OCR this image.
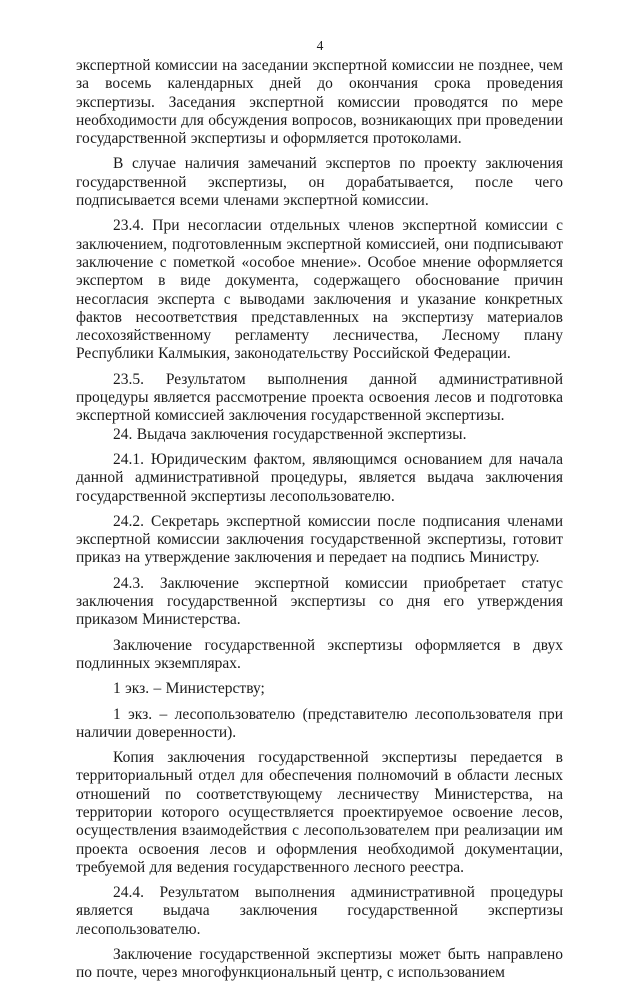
4

экспертной комиссии на заседании экспертной комиссии не позднее, чем за восемь календарных дней до окончания срока проведения экспертизы. Заседания экспертной комиссии проводятся по мере необходимости для обсуждения вопросов, возникающих при проведении государственной экспертизы и оформляется протоколами.

В случае наличия замечаний экспертов по проекту заключения государственной экспертизы, он дорабатывается, после чего подписывается всеми членами экспертной комиссии.

23.4. При несогласии отдельных членов экспертной комиссии с заключением, подготовленным экспертной комиссией, они подписывают заключение с пометкой «особое мнение». Особое мнение оформляется экспертом в виде документа, содержащего обоснование причин несогласия эксперта с выводами заключения и указание конкретных фактов несоответствия представленных на экспертизу материалов лесохозяйственному регламенту лесничества, Лесному плану Республики Калмыкия, законодательству Российской Федерации.

23.5. Результатом выполнения данной административной процедуры является рассмотрение проекта освоения лесов и подготовка экспертной комиссией заключения государственной экспертизы.

24. Выдача заключения государственной экспертизы.

24.1. Юридическим фактом, являющимся основанием для начала данной административной процедуры, является выдача заключения государственной экспертизы лесопользователю.

24.2. Секретарь экспертной комиссии после подписания членами экспертной комиссии заключения государственной экспертизы, готовит приказ на утверждение заключения и передает на подпись Министру.

24.3. Заключение экспертной комиссии приобретает статус заключения государственной экспертизы со дня его утверждения приказом Министерства.

Заключение государственной экспертизы оформляется в двух подлинных экземплярах.

1 экз. – Министерству;

1 экз. – лесопользователю (представителю лесопользователя при наличии доверенности).

Копия заключения государственной экспертизы передается в территориальный отдел для обеспечения полномочий в области лесных отношений по соответствующему лесничеству Министерства, на территории которого осуществляется проектируемое освоение лесов, осуществления взаимодействия с лесопользователем при реализации им проекта освоения лесов и оформления необходимой документации, требуемой для ведения государственного лесного реестра.

24.4. Результатом выполнения административной процедуры является выдача заключения государственной экспертизы лесопользователю.

Заключение государственной экспертизы может быть направлено по почте, через многофункциональный центр, с использованием
